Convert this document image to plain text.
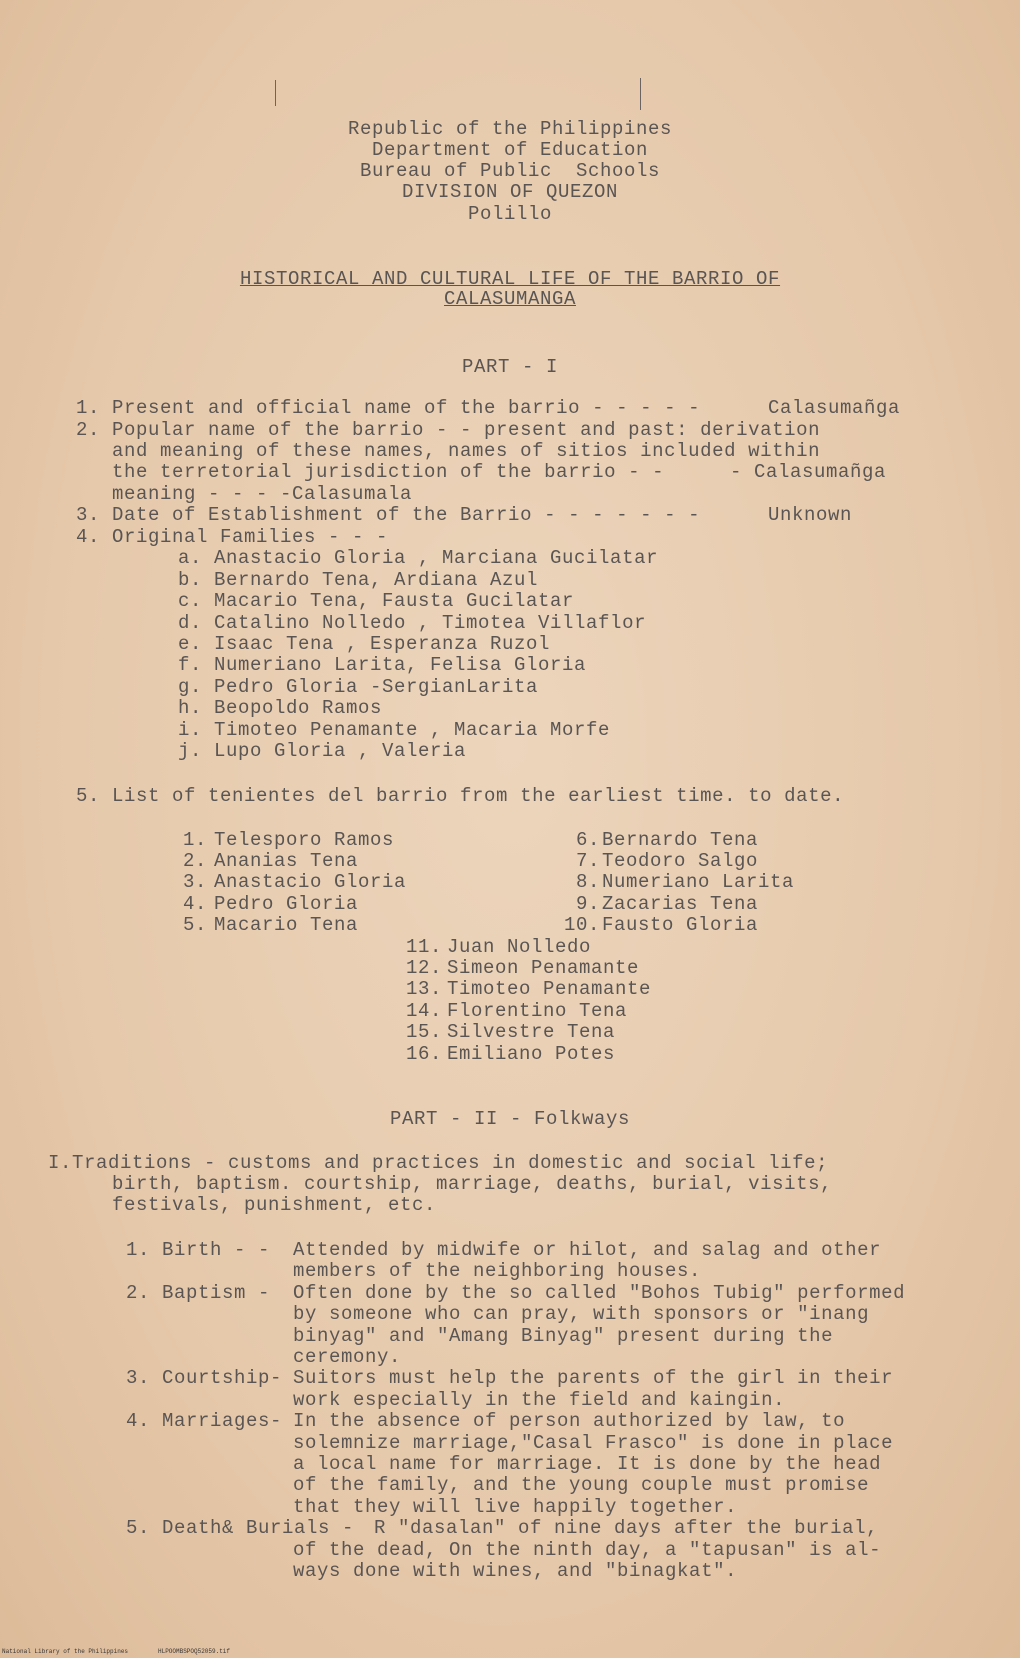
Republic of the Philippines
Department of Education
Bureau of Public  Schools
DIVISION OF QUEZON
Polillo
HISTORICAL AND CULTURAL LIFE OF THE BARRIO OF
CALASUMANGA
PART - I
1. Present and official name of the barrio - - - - -	Calasumañga
2. Popular name of the barrio - - present and past: derivation
and meaning of these names, names of sitios included within
the terretorial jurisdiction of the barrio - -	- Calasumañga
meaning - - - -Calasumala
3. Date of Establishment of the Barrio - - - - - - -	Unknown
4. Original Families - - -
a. Anastacio Gloria , Marciana Gucilatar
b. Bernardo Tena, Ardiana Azul
c. Macario Tena, Fausta Gucilatar
d. Catalino Nolledo , Timotea Villaflor
e. Isaac Tena , Esperanza Ruzol
f. Numeriano Larita, Felisa Gloria
g. Pedro Gloria -SergianLarita
h. Beopoldo Ramos
i. Timoteo Penamante , Macaria Morfe
j. Lupo Gloria , Valeria
5. List of tenientes del barrio from the earliest time. to date.
1. Telesporo Ramos
2. Ananias Tena
3. Anastacio Gloria
4. Pedro Gloria
5. Macario Tena
6. Bernardo Tena
7. Teodoro Salgo
8. Numeriano Larita
9. Zacarias Tena
10. Fausto Gloria
11. Juan Nolledo
12. Simeon Penamante
13. Timoteo Penamante
14. Florentino Tena
15. Silvestre Tena
16. Emiliano Potes
PART - II - Folkways
I.Traditions - customs and practices in domestic and social life;
birth, baptism. courtship, marriage, deaths, burial, visits,
festivals, punishment, etc.
1. Birth - - Attended by midwife or hilot, and salag and other
members of the neighboring houses.
2. Baptism - Often done by the so called "Bohos Tubig" performed
by someone who can pray, with sponsors or "inang
binyag" and "Amang Binyag" present during the
ceremony.
3. Courtship- Suitors must help the parents of the girl in their
work especially in the field and kaingin.
4. Marriages- In the absence of person authorized by law, to
solemnize marriage,"Casal Frasco" is done in place
a local name for marriage. It is done by the head
of the family, and the young couple must promise
that they will live happily together.
5. Death& Burials - R "dasalan" of nine days after the burial,
of the dead, On the ninth day, a "tapusan" is al-
ways done with wines, and "binagkat".
National Library of the Philippines	HLPOOMBSPOQ52059.tif
